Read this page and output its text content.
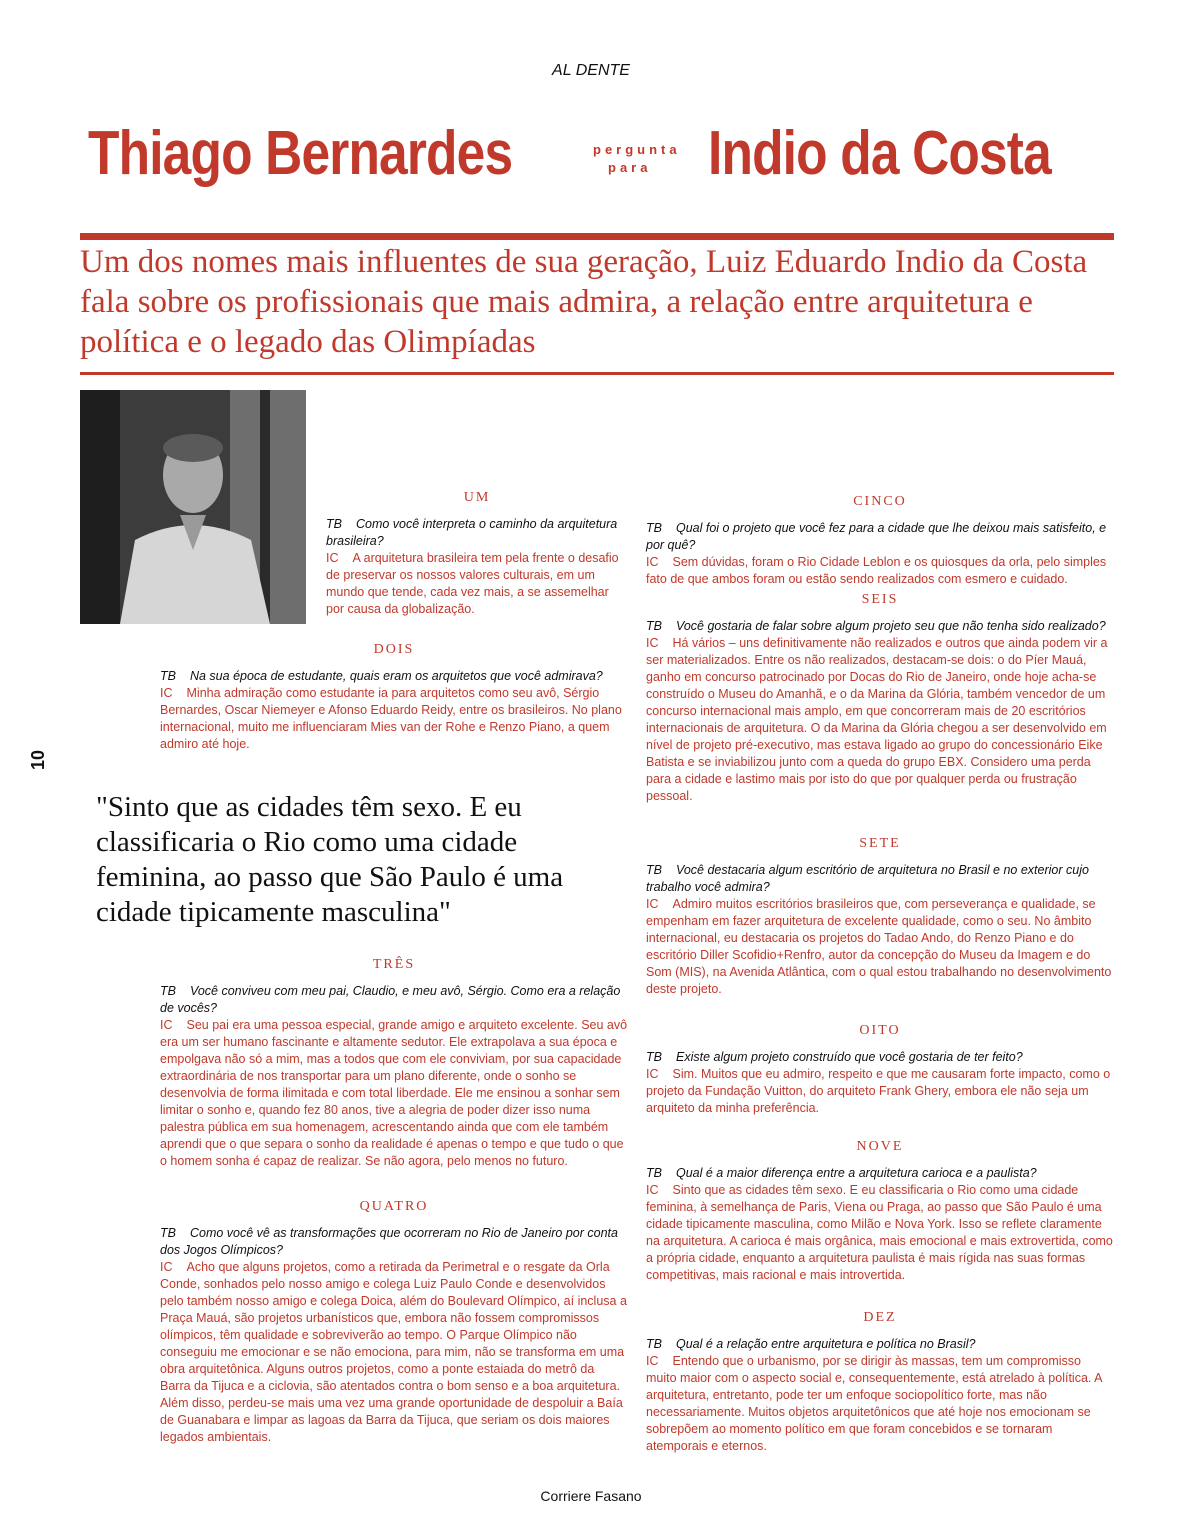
AL DENTE
Thiago Bernardes	pergunta
para Indio da Costa
Um dos nomes mais influentes de sua geração, Luiz Eduardo Indio da Costa fala sobre os profissionais que mais admira, a relação entre arquitetura e política e o legado das Olimpíadas
10
UM

TB Como você interpreta o caminho da arquitetura brasileira?

IC A arquitetura brasileira tem pela frente o desafio de preservar os nossos valores culturais, em um mundo que tende, cada vez mais, a se assemelhar por causa da globalização.

DOIS

TB Na sua época de estudante, quais eram os arquitetos que você admirava?

IC Minha admiração como estudante ia para arquitetos como seu avô, Sérgio Bernardes, Oscar Niemeyer e Afonso Eduardo Reidy, entre os brasileiros. No plano internacional, muito me influenciaram Mies van der Rohe e Renzo Piano, a quem admiro até hoje.

"Sinto que as cidades têm sexo. E eu classificaria o Rio como uma cidade feminina, ao passo que São Paulo é uma cidade tipicamente masculina"
TRÊS

TB Você conviveu com meu pai, Claudio, e meu avô, Sérgio. Como era a relação de vocês?

IC Seu pai era uma pessoa especial, grande amigo e arquiteto excelente. Seu avô era um ser humano fascinante e altamente sedutor. Ele extrapolava a sua época e empolgava não só a mim, mas a todos que com ele conviviam, por sua capacidade extraordinária de nos transportar para um plano diferente, onde o sonho se desenvolvia de forma ilimitada e com total liberdade. Ele me ensinou a sonhar sem limitar o sonho e, quando fez 80 anos, tive a alegria de poder dizer isso numa palestra pública em sua homenagem, acrescentando ainda que com ele também aprendi que o que separa o sonho da realidade é apenas o tempo e que tudo o que o homem sonha é capaz de realizar. Se não agora, pelo menos no futuro.

QUATRO

TB Como você vê as transformações que ocorreram no Rio de Janeiro por conta dos Jogos Olímpicos?

IC Acho que alguns projetos, como a retirada da Perimetral e o resgate da Orla Conde, sonhados pelo nosso amigo e colega Luiz Paulo Conde e desenvolvidos pelo também nosso amigo e colega Doica, além do Boulevard Olímpico, aí inclusa a Praça Mauá, são projetos urbanísticos que, embora não fossem compromissos olímpicos, têm qualidade e sobreviverão ao tempo. O Parque Olímpico não conseguiu me emocionar e se não emociona, para mim, não se transforma em uma obra arquitetônica. Alguns outros projetos, como a ponte estaiada do metrô da Barra da Tijuca e a ciclovia, são atentados contra o bom senso e a boa arquitetura. Além disso, perdeu-se mais uma vez uma grande oportunidade de despoluir a Baía de Guanabara e limpar as lagoas da Barra da Tijuca, que seriam os dois maiores legados ambientais.

CINCO

TB Qual foi o projeto que você fez para a cidade que lhe deixou mais satisfeito, e por quê?

IC Sem dúvidas, foram o Rio Cidade Leblon e os quiosques da orla, pelo simples fato de que ambos foram ou estão sendo realizados com esmero e cuidado.

SEIS

TB Você gostaria de falar sobre algum projeto seu que não tenha sido realizado?

IC Há vários – uns definitivamente não realizados e outros que ainda podem vir a ser materializados. Entre os não realizados, destacam-se dois: o do Píer Mauá, ganho em concurso patrocinado por Docas do Rio de Janeiro, onde hoje acha-se construído o Museu do Amanhã, e o da Marina da Glória, também vencedor de um concurso internacional mais amplo, em que concorreram mais de 20 escritórios internacionais de arquitetura. O da Marina da Glória chegou a ser desenvolvido em nível de projeto pré-executivo, mas estava ligado ao grupo do concessionário Eike Batista e se inviabilizou junto com a queda do grupo EBX. Considero uma perda para a cidade e lastimo mais por isto do que por qualquer perda ou frustração pessoal.

SETE

TB Você destacaria algum escritório de arquitetura no Brasil e no exterior cujo trabalho você admira?

IC Admiro muitos escritórios brasileiros que, com perseverança e qualidade, se empenham em fazer arquitetura de excelente qualidade, como o seu. No âmbito internacional, eu destacaria os projetos do Tadao Ando, do Renzo Piano e do escritório Diller Scofidio+Renfro, autor da concepção do Museu da Imagem e do Som (MIS), na Avenida Atlântica, com o qual estou trabalhando no desenvolvimento deste projeto.

OITO

TB Existe algum projeto construído que você gostaria de ter feito?

IC Sim. Muitos que eu admiro, respeito e que me causaram forte impacto, como o projeto da Fundação Vuitton, do arquiteto Frank Ghery, embora ele não seja um arquiteto da minha preferência.

NOVE

TB Qual é a maior diferença entre a arquitetura carioca e a paulista?

IC Sinto que as cidades têm sexo. E eu classificaria o Rio como uma cidade feminina, à semelhança de Paris, Viena ou Praga, ao passo que São Paulo é uma cidade tipicamente masculina, como Milão e Nova York. Isso se reflete claramente na arquitetura. A carioca é mais orgânica, mais emocional e mais extrovertida, como a própria cidade, enquanto a arquitetura paulista é mais rígida nas suas formas competitivas, mais racional e mais introvertida.

DEZ

TB Qual é a relação entre arquitetura e política no Brasil?

IC Entendo que o urbanismo, por se dirigir às massas, tem um compromisso muito maior com o aspecto social e, consequentemente, está atrelado à política. A arquitetura, entretanto, pode ter um enfoque sociopolítico forte, mas não necessariamente. Muitos objetos arquitetônicos que até hoje nos emocionam se sobrepõem ao momento político em que foram concebidos e se tornaram atemporais e eternos.

Corriere Fasano
